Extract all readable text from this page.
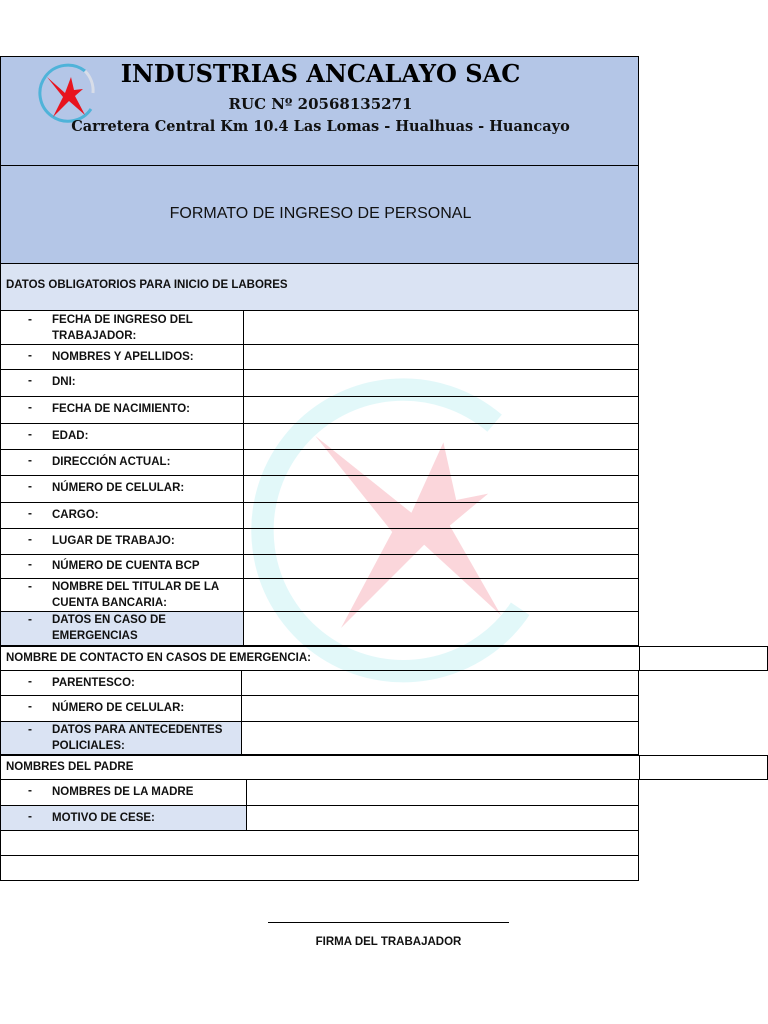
INDUSTRIAS ANCALAYO SAC
RUC Nº 20568135271
Carretera Central Km 10.4 Las Lomas - Hualhuas - Huancayo
FORMATO DE INGRESO DE PERSONAL
DATOS OBLIGATORIOS PARA INICIO DE LABORES
- FECHA DE INGRESO DEL TRABAJADOR:
- NOMBRES Y APELLIDOS:
- DNI:
- FECHA DE NACIMIENTO:
- EDAD:
- DIRECCIÓN ACTUAL:
- NÚMERO DE CELULAR:
- CARGO:
- LUGAR DE TRABAJO:
- NÚMERO DE CUENTA BCP
- NOMBRE DEL TITULAR DE LA CUENTA BANCARIA:
- DATOS EN CASO DE EMERGENCIAS
NOMBRE DE CONTACTO EN CASOS DE EMERGENCIA:
- PARENTESCO:
- NÚMERO DE CELULAR:
- DATOS PARA ANTECEDENTES POLICIALES:
NOMBRES DEL PADRE
- NOMBRES DE LA MADRE
- MOTIVO DE CESE:
FIRMA DEL TRABAJADOR
